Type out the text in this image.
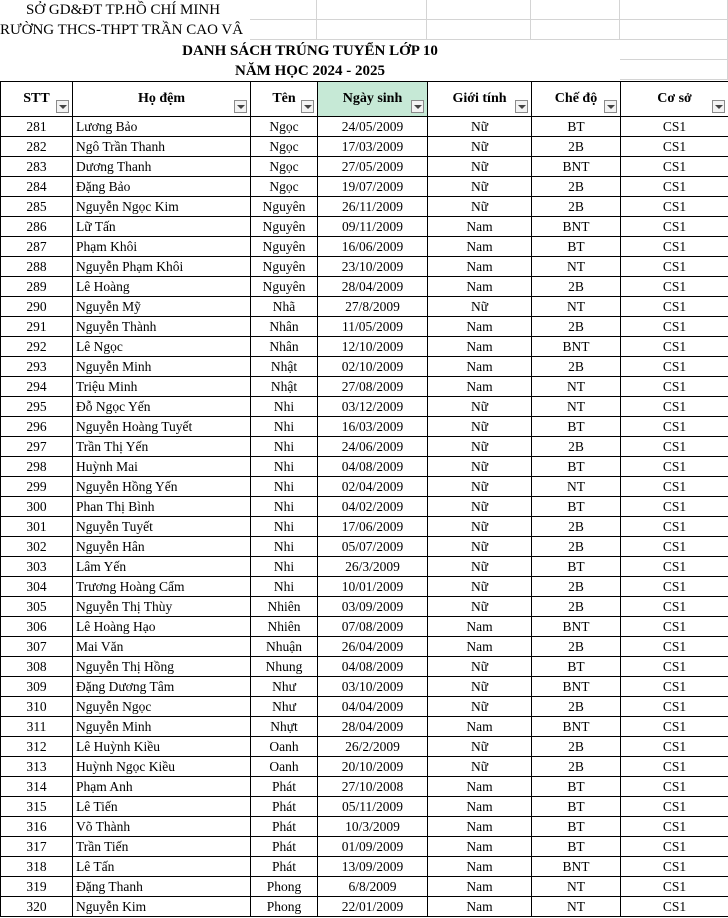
SỞ GD&ĐT TP.HỒ CHÍ MINH
RƯỜNG THCS-THPT TRẦN CAO VÂ
DANH SÁCH TRÚNG TUYỂN LỚP 10
NĂM HỌC 2024 - 2025
STT	Họ đệm	Tên	Ngày sinh	Giới tính	Chế độ	Cơ sở

281	Lương Bảo	Ngọc	24/05/2009	Nữ	BT	CS1
282	Ngô Trần Thanh	Ngọc	17/03/2009	Nữ	2B	CS1
283	Dương Thanh	Ngọc	27/05/2009	Nữ	BNT	CS1
284	Đặng Bảo	Ngọc	19/07/2009	Nữ	2B	CS1
285	Nguyễn Ngọc Kim	Nguyên	26/11/2009	Nữ	2B	CS1
286	Lữ Tấn	Nguyên	09/11/2009	Nam	BNT	CS1
287	Phạm Khôi	Nguyên	16/06/2009	Nam	BT	CS1
288	Nguyễn Phạm Khôi	Nguyên	23/10/2009	Nam	NT	CS1
289	Lê Hoàng	Nguyên	28/04/2009	Nam	2B	CS1
290	Nguyễn Mỹ	Nhã	27/8/2009	Nữ	NT	CS1
291	Nguyễn Thành	Nhân	11/05/2009	Nam	2B	CS1
292	Lê Ngọc	Nhân	12/10/2009	Nam	BNT	CS1
293	Nguyễn Minh	Nhật	02/10/2009	Nam	2B	CS1
294	Triệu Minh	Nhật	27/08/2009	Nam	NT	CS1
295	Đỗ Ngọc Yến	Nhi	03/12/2009	Nữ	NT	CS1
296	Nguyễn Hoàng Tuyết	Nhi	16/03/2009	Nữ	BT	CS1
297	Trần Thị Yến	Nhi	24/06/2009	Nữ	2B	CS1
298	Huỳnh Mai	Nhi	04/08/2009	Nữ	BT	CS1
299	Nguyễn Hồng Yến	Nhi	02/04/2009	Nữ	NT	CS1
300	Phan Thị Bình	Nhi	04/02/2009	Nữ	BT	CS1
301	Nguyễn Tuyết	Nhi	17/06/2009	Nữ	2B	CS1
302	Nguyễn Hân	Nhi	05/07/2009	Nữ	2B	CS1
303	Lâm Yến	Nhi	26/3/2009	Nữ	BT	CS1
304	Trương Hoàng Cẩm	Nhi	10/01/2009	Nữ	2B	CS1
305	Nguyễn Thị Thùy	Nhiên	03/09/2009	Nữ	2B	CS1
306	Lê Hoàng Hạo	Nhiên	07/08/2009	Nam	BNT	CS1
307	Mai Văn	Nhuận	26/04/2009	Nam	2B	CS1
308	Nguyễn Thị Hồng	Nhung	04/08/2009	Nữ	BT	CS1
309	Đặng Dương Tâm	Như	03/10/2009	Nữ	BNT	CS1
310	Nguyễn Ngọc	Như	04/04/2009	Nữ	2B	CS1
311	Nguyễn Minh	Nhựt	28/04/2009	Nam	BNT	CS1
312	Lê Huỳnh Kiều	Oanh	26/2/2009	Nữ	2B	CS1
313	Huỳnh Ngọc Kiều	Oanh	20/10/2009	Nữ	2B	CS1
314	Phạm Anh	Phát	27/10/2008	Nam	BT	CS1
315	Lê Tiến	Phát	05/11/2009	Nam	BT	CS1
316	Võ Thành	Phát	10/3/2009	Nam	BT	CS1
317	Trần Tiến	Phát	01/09/2009	Nam	BT	CS1
318	Lê Tấn	Phát	13/09/2009	Nam	BNT	CS1
319	Đặng Thanh	Phong	6/8/2009	Nam	NT	CS1
320	Nguyễn Kim	Phong	22/01/2009	Nam	NT	CS1
